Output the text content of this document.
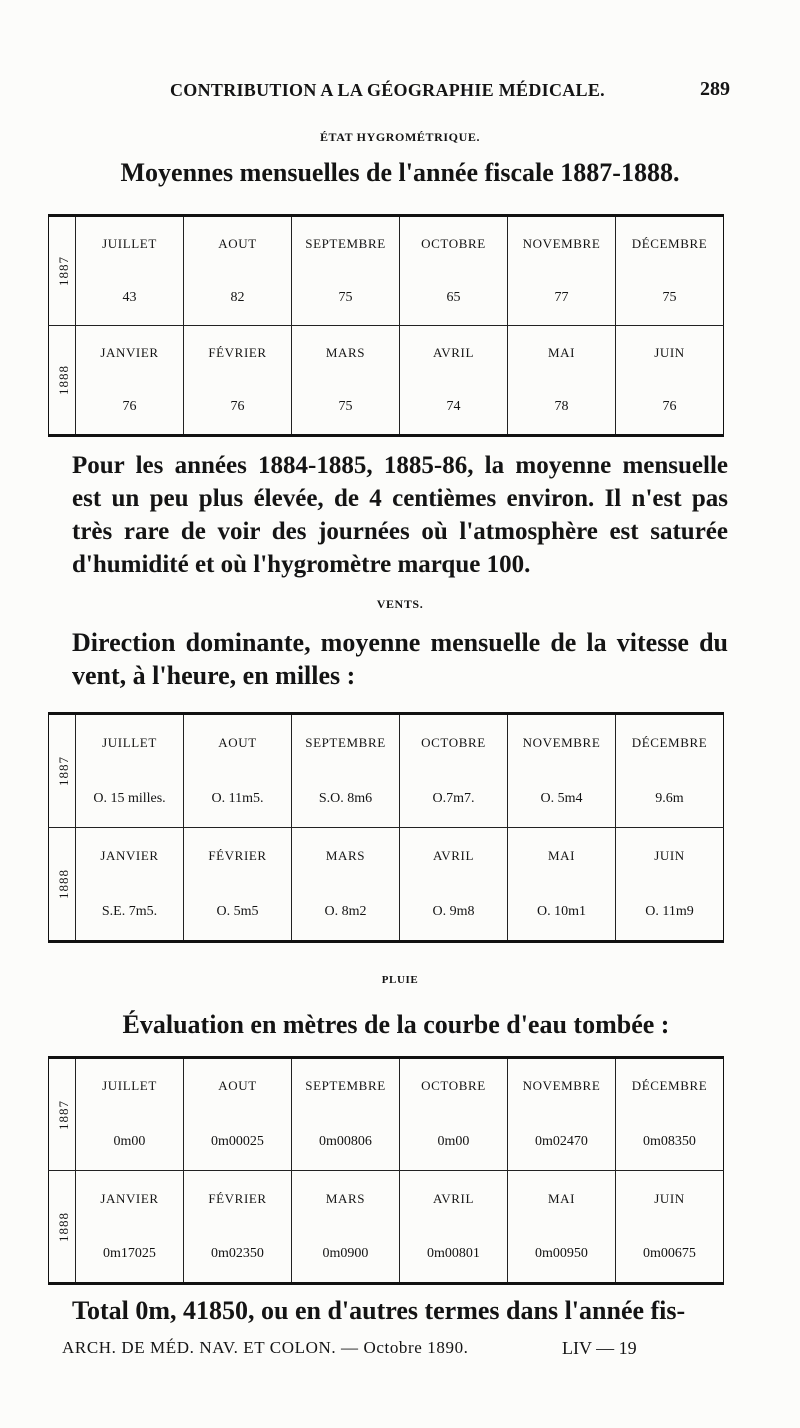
CONTRIBUTION A LA GÉOGRAPHIE MÉDICALE.	289
ÉTAT HYGROMÉTRIQUE.
Moyennes mensuelles de l'année fiscale 1887-1888.
1887	JUILLET	AOUT	SEPTEMBRE	OCTOBRE	NOVEMBRE	DÉCEMBRE
	43	82	75	65	77	75
1888	JANVIER	FÉVRIER	MARS	AVRIL	MAI	JUIN
	76	76	75	74	78	76
Pour les années 1884-1885, 1885-86, la moyenne mensuelle est un peu plus élevée, de 4 centièmes environ. Il n'est pas très rare de voir des journées où l'atmosphère est saturée d'humidité et où l'hygromètre marque 100.
VENTS.
Direction dominante, moyenne mensuelle de la vitesse du vent, à l'heure, en milles :
1887	JUILLET	AOUT	SEPTEMBRE	OCTOBRE	NOVEMBRE	DÉCEMBRE
	O. 15 milles.	O. 11m5.	S.O. 8m6	O.7m7.	O. 5m4	9.6m
1888	JANVIER	FÉVRIER	MARS	AVRIL	MAI	JUIN
	S.E. 7m5.	O. 5m5	O. 8m2	O. 9m8	O. 10m1	O. 11m9
PLUIE
Évaluation en mètres de la courbe d'eau tombée :
1887	JUILLET	AOUT	SEPTEMBRE	OCTOBRE	NOVEMBRE	DÉCEMBRE
	0m00	0m00025	0m00806	0m00	0m02470	0m08350
1888	JANVIER	FÉVRIER	MARS	AVRIL	MAI	JUIN
	0m17025	0m02350	0m0900	0m00801	0m00950	0m00675
Total 0m, 41850, ou en d'autres termes dans l'année fis-
ARCH. DE MÉD. NAV. ET COLON. — Octobre 1890.	LIV — 19
